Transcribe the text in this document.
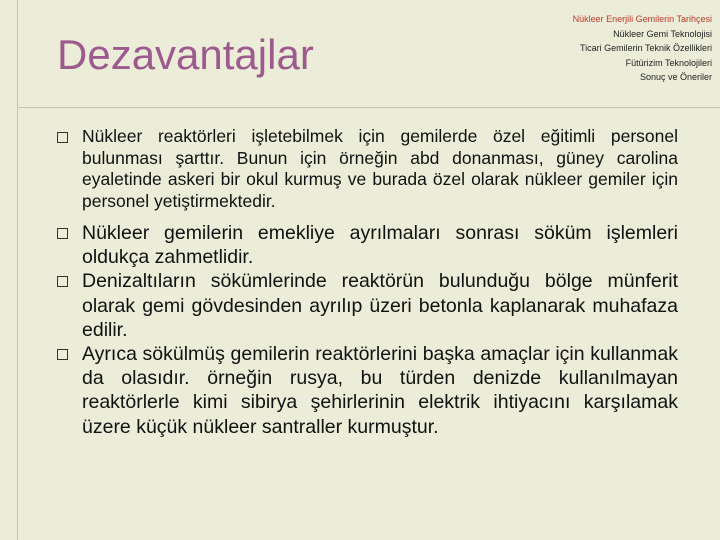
Dezavantajlar
Nükleer Enerjili Gemilerin Tarihçesi
Nükleer Gemi Teknolojisi
Ticari Gemilerin Teknik Özellikleri
Fütürizim Teknolojileri
Sonuç ve Öneriler
Nükleer reaktörleri işletebilmek için gemilerde özel eğitimli personel bulunması şarttır. Bunun için örneğin abd donanması, güney carolina eyaletinde askeri bir okul kurmuş ve burada özel olarak nükleer gemiler için personel yetiştirmektedir.
Nükleer gemilerin emekliye ayrılmaları sonrası söküm işlemleri oldukça zahmetlidir.
Denizaltıların sökümlerinde reaktörün bulunduğu bölge münferit olarak gemi gövdesinden ayrılıp üzeri betonla kaplanarak muhafaza edilir.
Ayrıca sökülmüş gemilerin reaktörlerini başka amaçlar için kullanmak da olasıdır. örneğin rusya, bu türden denizde kullanılmayan reaktörlerle kimi sibirya şehirlerinin elektrik ihtiyacını karşılamak üzere küçük nükleer santraller kurmuştur.
